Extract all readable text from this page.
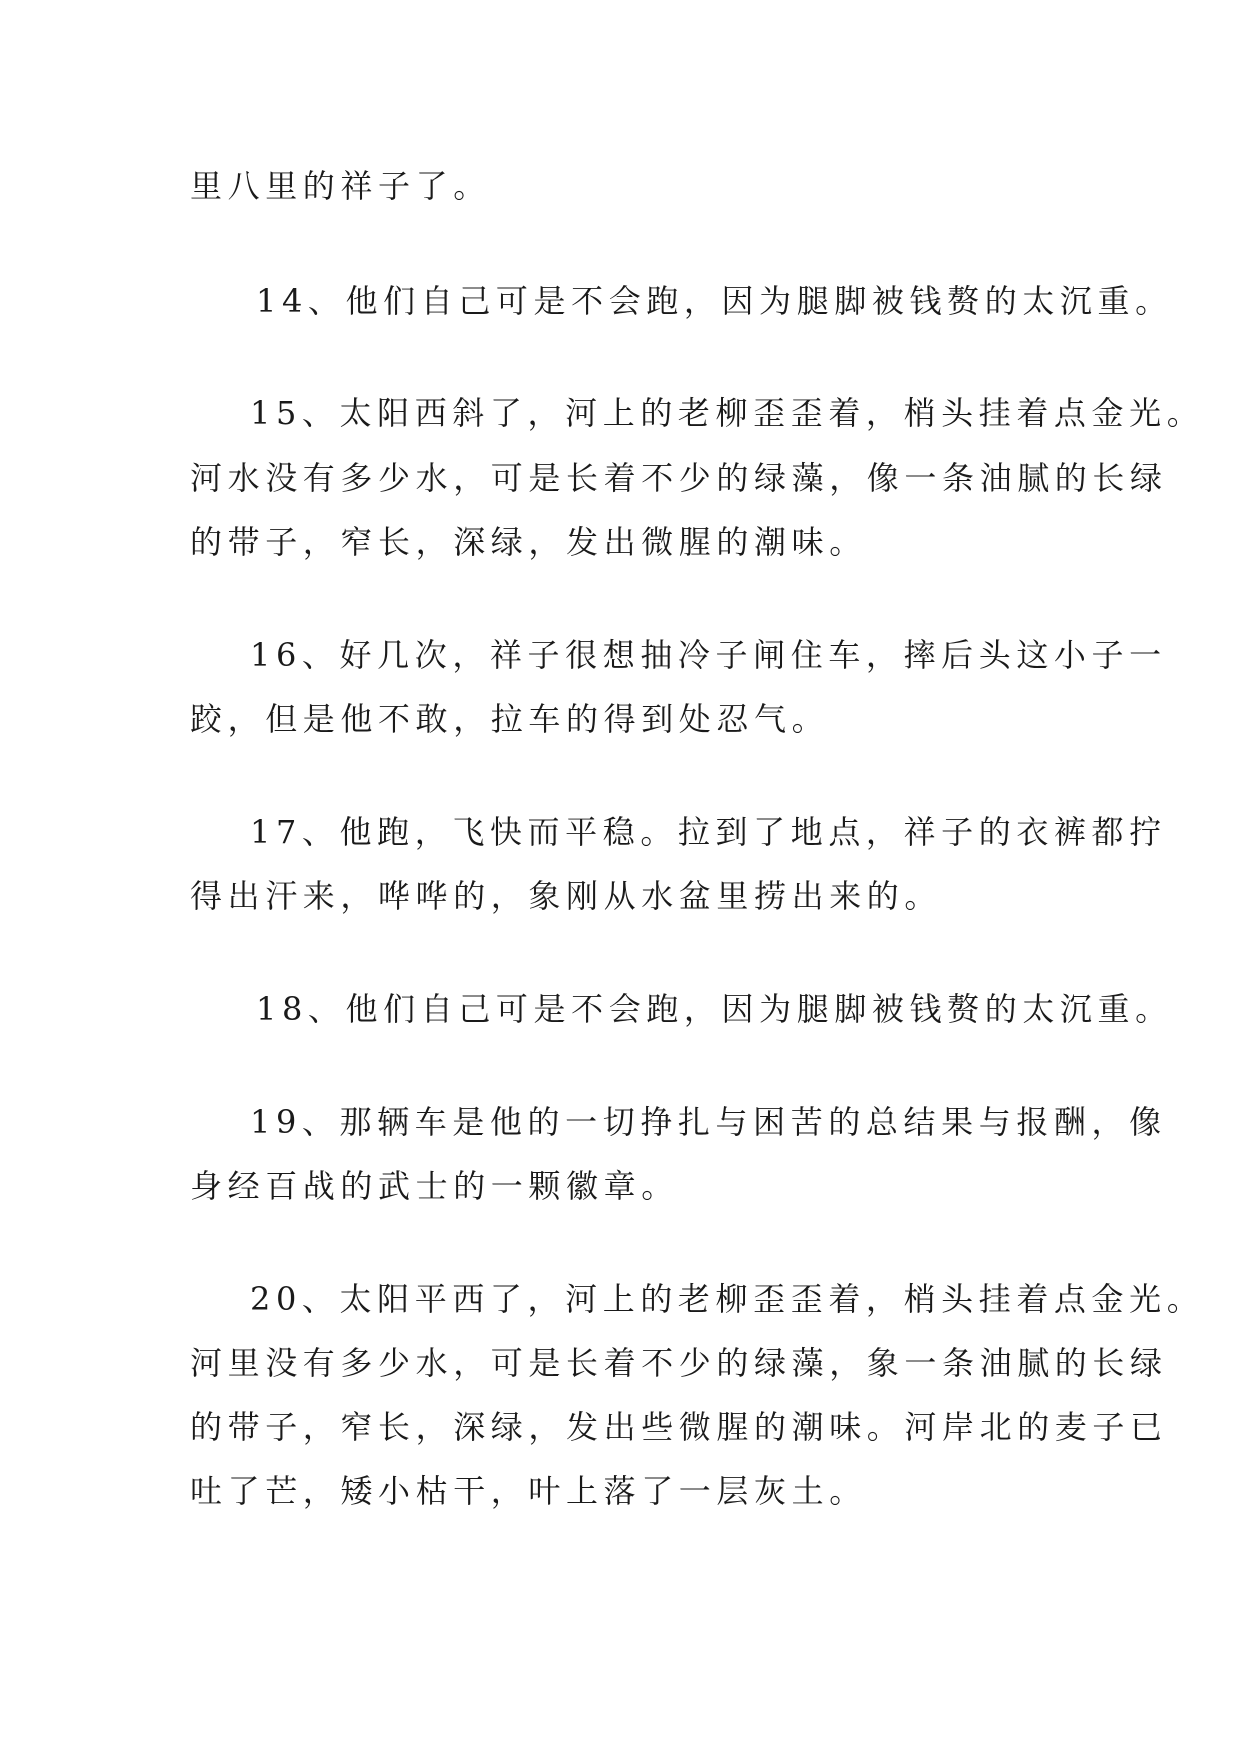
里八里的祥子了。
14、他们自己可是不会跑，因为腿脚被钱赘的太沉重。
15、太阳西斜了，河上的老柳歪歪着，梢头挂着点金光。
河水没有多少水，可是长着不少的绿藻，像一条油腻的长绿
的带子，窄长，深绿，发出微腥的潮味。
16、好几次，祥子很想抽冷子闸住车，摔后头这小子一
跤，但是他不敢，拉车的得到处忍气。
17、他跑，飞快而平稳。拉到了地点，祥子的衣裤都拧
得出汗来，哗哗的，象刚从水盆里捞出来的。
18、他们自己可是不会跑，因为腿脚被钱赘的太沉重。
19、那辆车是他的一切挣扎与困苦的总结果与报酬，像
身经百战的武士的一颗徽章。
20、太阳平西了，河上的老柳歪歪着，梢头挂着点金光。
河里没有多少水，可是长着不少的绿藻，象一条油腻的长绿
的带子，窄长，深绿，发出些微腥的潮味。河岸北的麦子已
吐了芒，矮小枯干，叶上落了一层灰土。
